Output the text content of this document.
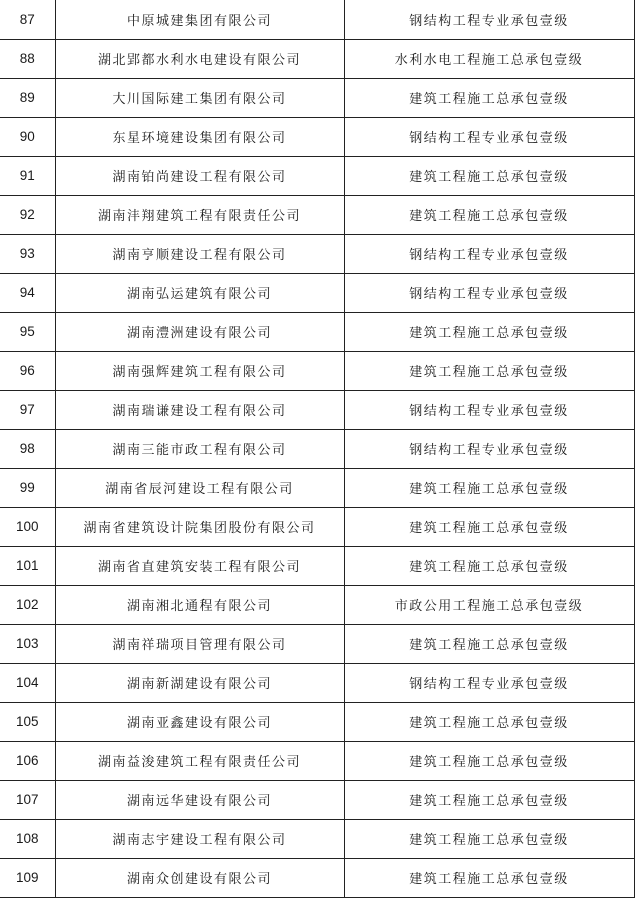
87	中原城建集团有限公司	钢结构工程专业承包壹级
88	湖北郢都水利水电建设有限公司	水利水电工程施工总承包壹级
89	大川国际建工集团有限公司	建筑工程施工总承包壹级
90	东星环境建设集团有限公司	钢结构工程专业承包壹级
91	湖南铂尚建设工程有限公司	建筑工程施工总承包壹级
92	湖南沣翔建筑工程有限责任公司	建筑工程施工总承包壹级
93	湖南亨顺建设工程有限公司	钢结构工程专业承包壹级
94	湖南弘运建筑有限公司	钢结构工程专业承包壹级
95	湖南澧洲建设有限公司	建筑工程施工总承包壹级
96	湖南强辉建筑工程有限公司	建筑工程施工总承包壹级
97	湖南瑞谦建设工程有限公司	钢结构工程专业承包壹级
98	湖南三能市政工程有限公司	钢结构工程专业承包壹级
99	湖南省辰河建设工程有限公司	建筑工程施工总承包壹级
100	湖南省建筑设计院集团股份有限公司	建筑工程施工总承包壹级
101	湖南省直建筑安装工程有限公司	建筑工程施工总承包壹级
102	湖南湘北通程有限公司	市政公用工程施工总承包壹级
103	湖南祥瑞项目管理有限公司	建筑工程施工总承包壹级
104	湖南新湖建设有限公司	钢结构工程专业承包壹级
105	湖南亚鑫建设有限公司	建筑工程施工总承包壹级
106	湖南益浚建筑工程有限责任公司	建筑工程施工总承包壹级
107	湖南远华建设有限公司	建筑工程施工总承包壹级
108	湖南志宇建设工程有限公司	建筑工程施工总承包壹级
109	湖南众创建设有限公司	建筑工程施工总承包壹级
